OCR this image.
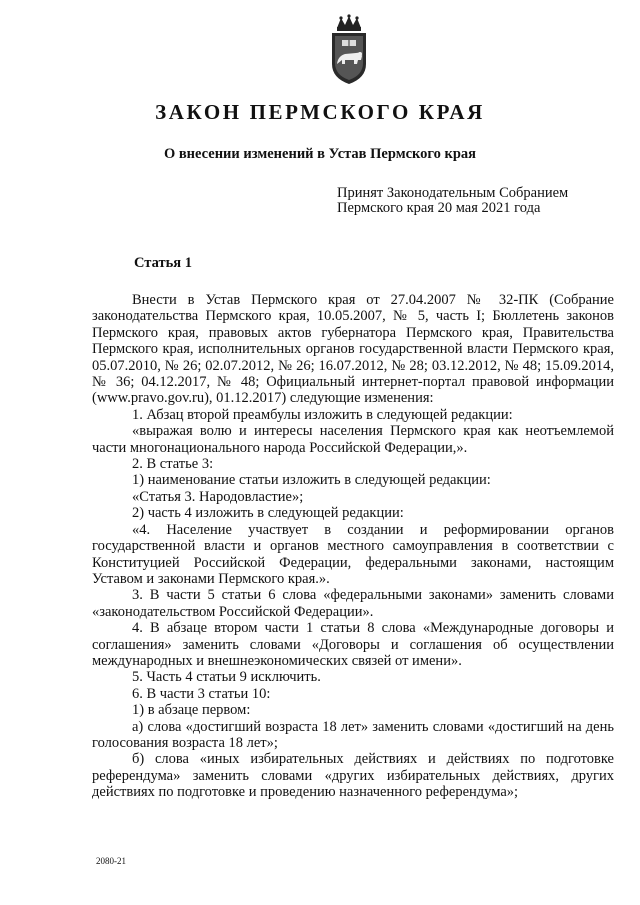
ЗАКОН ПЕРМСКОГО КРАЯ
О внесении изменений в Устав Пермского края
Принят Законодательным Собранием
Пермского края 20 мая 2021 года
Статья 1

Внести в Устав Пермского края от 27.04.2007 № 32-ПК (Собрание законодательства Пермского края, 10.05.2007, № 5, часть I; Бюллетень законов Пермского края, правовых актов губернатора Пермского края, Правительства Пермского края, исполнительных органов государственной власти Пермского края, 05.07.2010, № 26; 02.07.2012, № 26; 16.07.2012, № 28; 03.12.2012, № 48; 15.09.2014, № 36; 04.12.2017, № 48; Официальный интернет-портал правовой информации (www.pravo.gov.ru), 01.12.2017) следующие изменения:

1. Абзац второй преамбулы изложить в следующей редакции:

«выражая волю и интересы населения Пермского края как неотъемлемой части многонационального народа Российской Федерации,».

2. В статье 3:

1) наименование статьи изложить в следующей редакции:

«Статья 3. Народовластие»;

2) часть 4 изложить в следующей редакции:

«4. Население участвует в создании и реформировании органов государственной власти и органов местного самоуправления в соответствии с Конституцией Российской Федерации, федеральными законами, настоящим Уставом и законами Пермского края.».

3. В части 5 статьи 6 слова «федеральными законами» заменить словами «законодательством Российской Федерации».

4. В абзаце втором части 1 статьи 8 слова «Международные договоры и соглашения» заменить словами «Договоры и соглашения об осуществлении международных и внешнеэкономических связей от имени».

5. Часть 4 статьи 9 исключить.

6. В части 3 статьи 10:

1) в абзаце первом:

а) слова «достигший возраста 18 лет» заменить словами «достигший на день голосования возраста 18 лет»;

б) слова «иных избирательных действиях и действиях по подготовке референдума» заменить словами «других избирательных действиях, других действиях по подготовке и проведению назначенного референдума»;

2080-21
